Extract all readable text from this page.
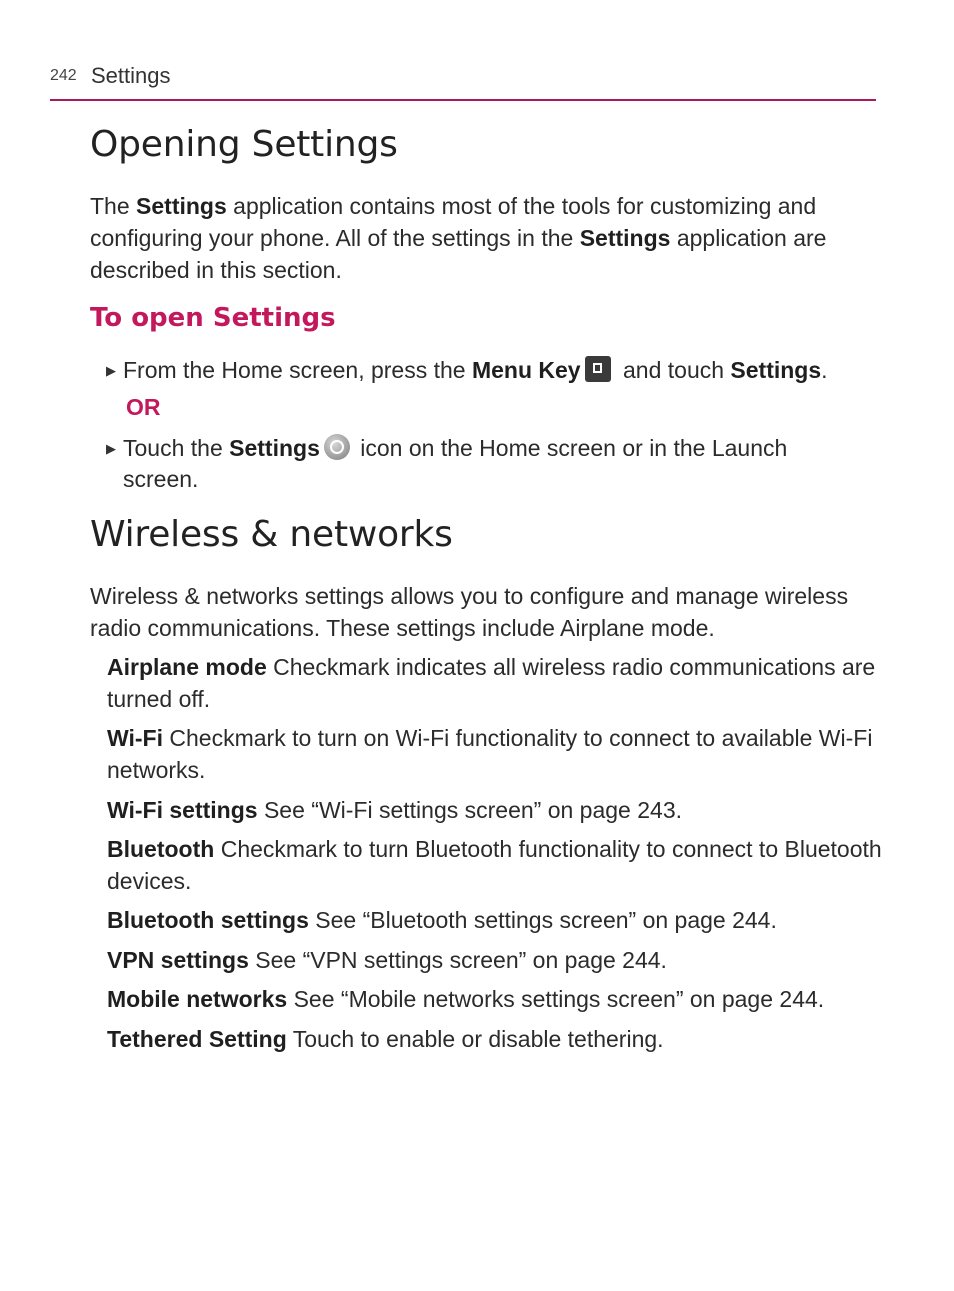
242 Settings
Opening Settings

The Settings application contains most of the tools for customizing and configuring your phone. All of the settings in the Settings application are described in this section.

To open Settings
▶ From the Home screen, press the Menu Key and touch Settings.
OR
▶ Touch the Settings icon on the Home screen or in the Launch
screen.
Wireless & networks

Wireless & networks settings allows you to configure and manage wireless radio communications. These settings include Airplane mode.

Airplane mode Checkmark indicates all wireless radio communications are turned off.
Wi-Fi Checkmark to turn on Wi-Fi functionality to connect to available Wi-Fi networks.
Wi-Fi settings See “Wi-Fi settings screen” on page 243.
Bluetooth Checkmark to turn Bluetooth functionality to connect to Bluetooth devices.
Bluetooth settings See “Bluetooth settings screen” on page 244.
VPN settings See “VPN settings screen” on page 244.
Mobile networks See “Mobile networks settings screen” on page 244.
Tethered Setting Touch to enable or disable tethering.
